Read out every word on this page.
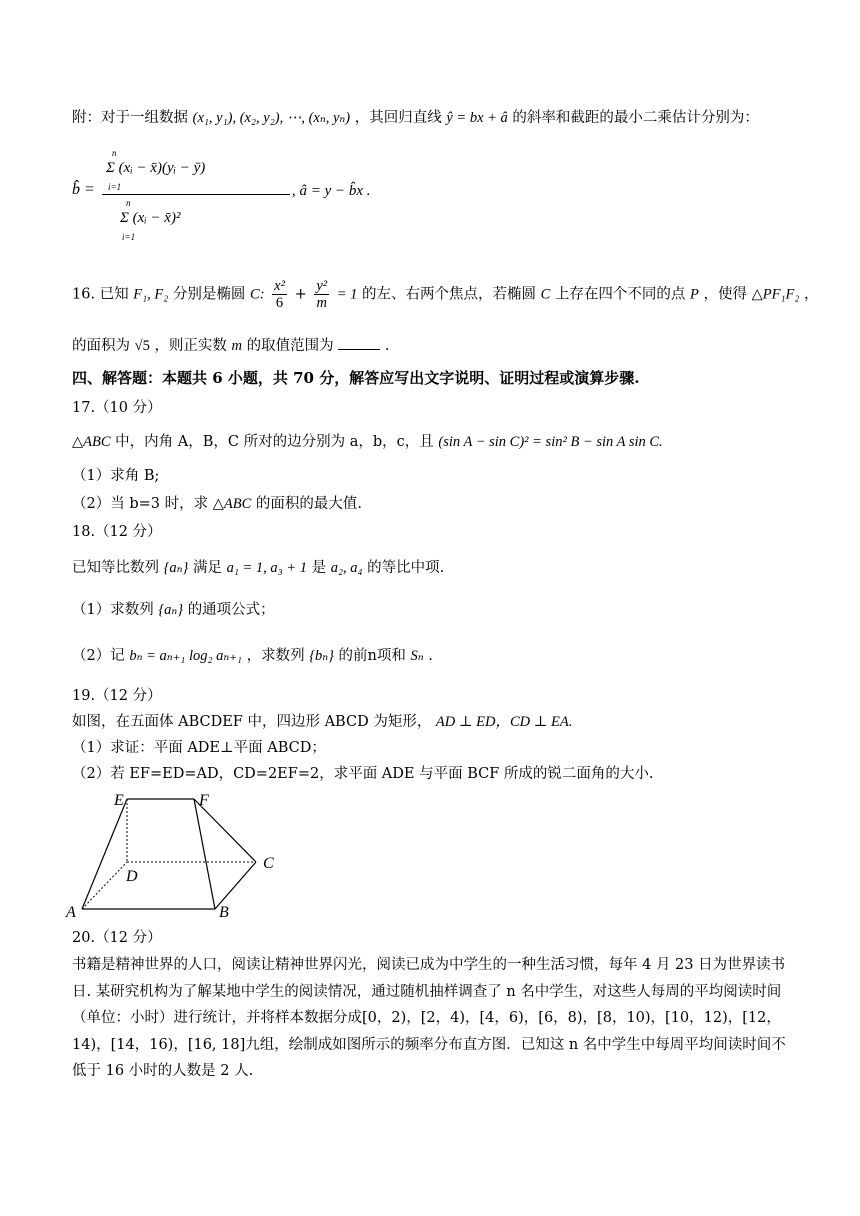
附：对于一组数据 (x₁, y₁), (x₂, y₂), ⋯, (xₙ, yₙ) ，其回归直线 ŷ = bx + â 的斜率和截距的最小二乘估计分别为：
b̂ =
n
i=1
Σ (xᵢ − x̄)(yᵢ − ȳ)
n
i=1
Σ (xᵢ − x̄)²
, â = y − b̂x .
16. 已知 F₁, F₂ 分别是椭圆 C: $\frac{\text{x²}}{6} + \frac{\text{y²}}{m} = 1$ 的左、右两个焦点，若椭圆 C 上存在四个不同的点 P ，使得 △PF₁F₂ ，
的面积为 √5 ，则正实数 m 的取值范围为	.
四、解答题：本题共 6 小题，共 70 分，解答应写出文字说明、证明过程或演算步骤.
17.（10 分）
△ABC 中，内角 A，B，C 所对的边分别为 a，b，c，且 (sin A − sin C)² = sin² B − sin A sin C.
（1）求角 B;
（2）当 b=3 时，求 △ABC 的面积的最大值.
18.（12 分）
已知等比数列 {aₙ} 满足 a₁ = 1, a₃ + 1 是 a₂, a₄ 的等比中项.
（1）求数列 {aₙ} 的通项公式；
（2）记 bₙ = aₙ₊₁ log₂ aₙ₊₁ ，求数列 {bₙ} 的前n项和 Sₙ .
19.（12 分）
如图，在五面体 ABCDEF 中，四边形 ABCD 为矩形， AD ⊥ ED，CD ⊥ EA.
（1）求证：平面 ADE⊥平面 ABCD；
（2）若 EF=ED=AD，CD=2EF=2，求平面 ADE 与平面 BCF 所成的锐二面角的大小.
E	F
C
D
A	B
20.（12 分）
书籍是精神世界的人口，阅读让精神世界闪光，阅读已成为中学生的一种生活习惯，每年 4 月 23 日为世界读书日. 某研究机构为了解某地中学生的阅读情况，通过随机抽样调查了 n 名中学生，对这些人每周的平均阅读时间（单位：小时）进行统计，并将样本数据分成[0，2)，[2，4)，[4，6)，[6，8)，[8，10)，[10，12)，[12，14)，[14，16)，[16, 18]九组，绘制成如图所示的频率分布直方图．已知这 n 名中学生中每周平均间读时间不低于 16 小时的人数是 2 人.
